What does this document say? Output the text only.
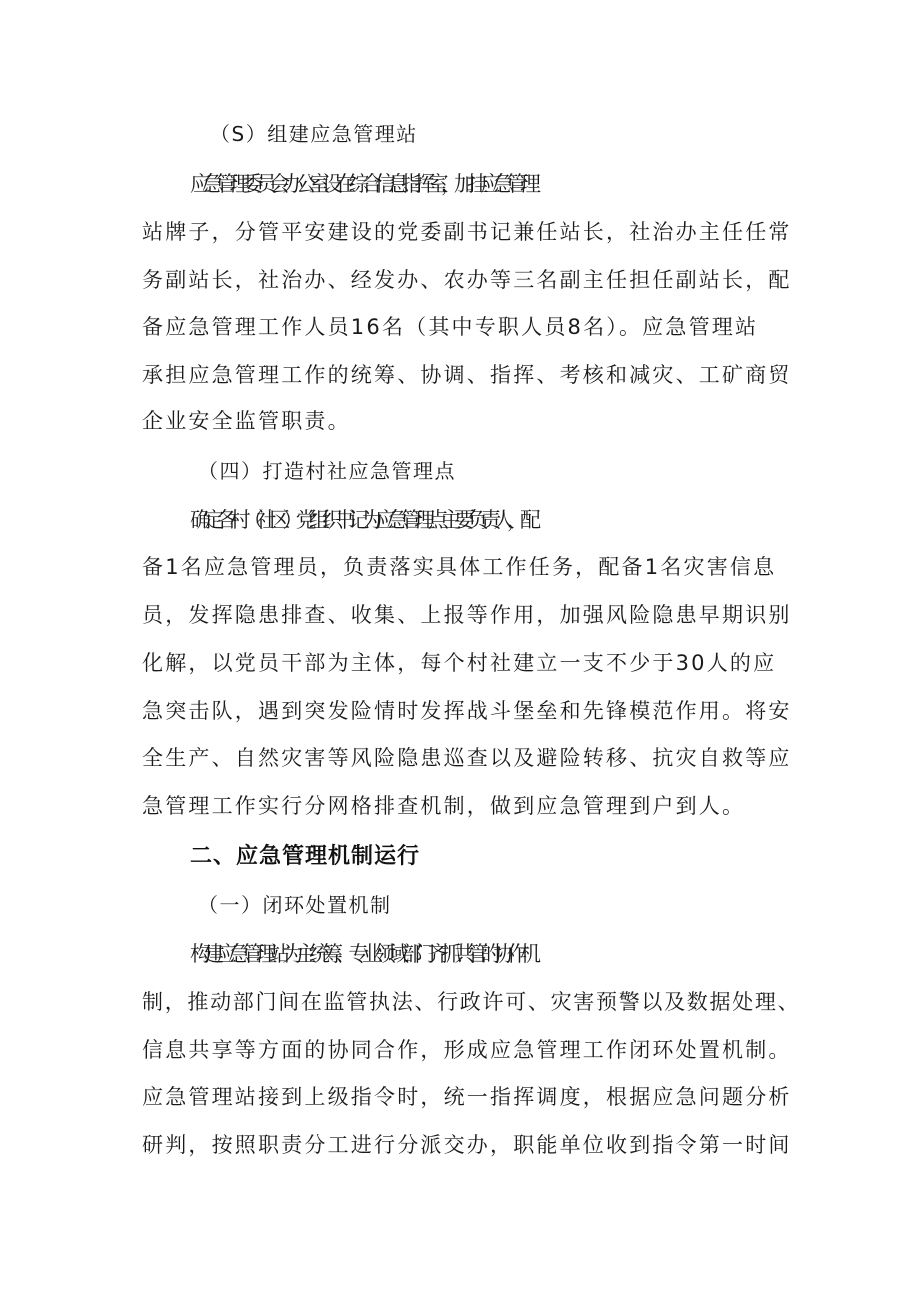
（S）组建应急管理站

应急管理委员会办公室设在综合信息指挥室，加挂应急管理

站牌子，分管平安建设的党委副书记兼任站长，社治办主任任常

务副站长，社治办、经发办、农办等三名副主任担任副站长，配

备应急管理工作人员16名（其中专职人员8名）。应急管理站

承担应急管理工作的统筹、协调、指挥、考核和减灾、工矿商贸

企业安全监管职责。

（四）打造村社应急管理点

确定各村（社区）党组织书记为应急管理点主要负责人，配

备1名应急管理员，负责落实具体工作任务，配备1名灾害信息

员，发挥隐患排查、收集、上报等作用，加强风险隐患早期识别

化解，以党员干部为主体，每个村社建立一支不少于30人的应

急突击队，遇到突发险情时发挥战斗堡垒和先锋模范作用。将安

全生产、自然灾害等风险隐患巡查以及避险转移、抗灾自救等应

急管理工作实行分网格排查机制，做到应急管理到户到人。

二、应急管理机制运行

（一）闭环处置机制

构建应急管理站为主统筹、专业领域部门齐抓共管的协作机

制，推动部门间在监管执法、行政许可、灾害预警以及数据处理、

信息共享等方面的协同合作，形成应急管理工作闭环处置机制。

应急管理站接到上级指令时，统一指挥调度，根据应急问题分析

研判，按照职责分工进行分派交办，职能单位收到指令第一时间
